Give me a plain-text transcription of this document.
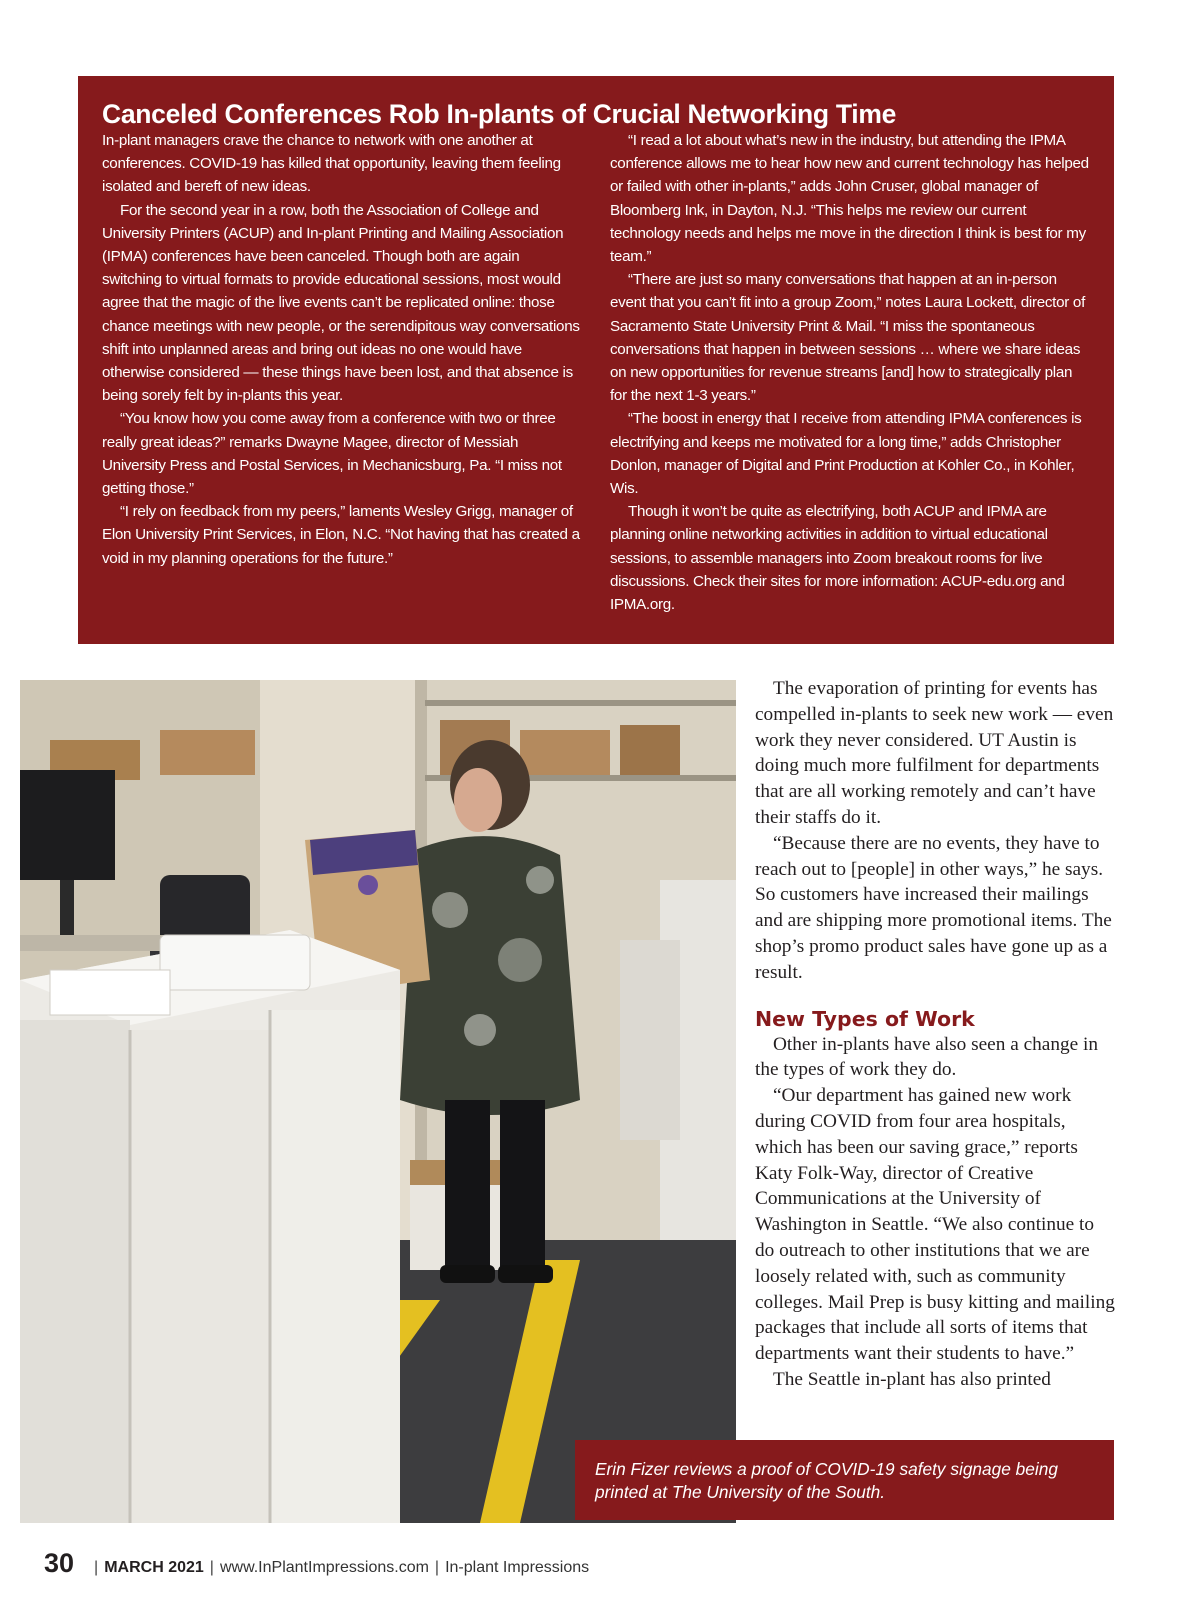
Canceled Conferences Rob In-plants of Crucial Networking Time

In-plant managers crave the chance to network with one another at conferences. COVID-19 has killed that opportunity, leaving them feeling isolated and bereft of new ideas.

For the second year in a row, both the Association of College and University Printers (ACUP) and In-plant Printing and Mailing Association (IPMA) conferences have been canceled. Though both are again switching to virtual formats to provide educational sessions, most would agree that the magic of the live events can’t be replicated online: those chance meetings with new people, or the serendipitous way conversations shift into unplanned areas and bring out ideas no one would have otherwise considered — these things have been lost, and that absence is being sorely felt by in-plants this year.

“You know how you come away from a conference with two or three really great ideas?” remarks Dwayne Magee, director of Messiah University Press and Postal Services, in Mechanicsburg, Pa. “I miss not getting those.”

“I rely on feedback from my peers,” laments Wesley Grigg, manager of Elon University Print Services, in Elon, N.C. “Not having that has created a void in my planning operations for the future.”

“I read a lot about what’s new in the industry, but attending the IPMA conference allows me to hear how new and current technology has helped or failed with other in-plants,” adds John Cruser, global manager of Bloomberg Ink, in Dayton, N.J. “This helps me review our current technology needs and helps me move in the direction I think is best for my team.”

“There are just so many conversations that happen at an in-person event that you can’t fit into a group Zoom,” notes Laura Lockett, director of Sacramento State University Print & Mail. “I miss the spontaneous conversations that happen in between sessions … where we share ideas on new opportunities for revenue streams [and] how to strategically plan for the next 1-3 years.”

“The boost in energy that I receive from attending IPMA conferences is electrifying and keeps me motivated for a long time,” adds Christopher Donlon, manager of Digital and Print Production at Kohler Co., in Kohler, Wis.

Though it won’t be quite as electrifying, both ACUP and IPMA are planning online networking activities in addition to virtual educational sessions, to assemble managers into Zoom breakout rooms for live discussions. Check their sites for more information: ACUP-edu.org and IPMA.org.

The evaporation of printing for events has compelled in-plants to seek new work — even work they never considered. UT Austin is doing much more fulfilment for departments that are all working remotely and can’t have their staffs do it.

“Because there are no events, they have to reach out to [people] in other ways,” he says. So customers have increased their mailings and are shipping more promotional items. The shop’s promo product sales have gone up as a result.

New Types of Work

Other in-plants have also seen a change in the types of work they do.

“Our department has gained new work during COVID from four area hospitals, which has been our saving grace,” reports Katy Folk-Way, director of Creative Communications at the University of Washington in Seattle. “We also continue to do outreach to other institutions that we are loosely related with, such as community colleges. Mail Prep is busy kitting and mailing packages that include all sorts of items that departments want their students to have.”

The Seattle in-plant has also printed

Erin Fizer reviews a proof of COVID-19 safety signage being printed at The University of the South.

30 | MARCH 2021 | www.InPlantImpressions.com | In-plant Impressions
